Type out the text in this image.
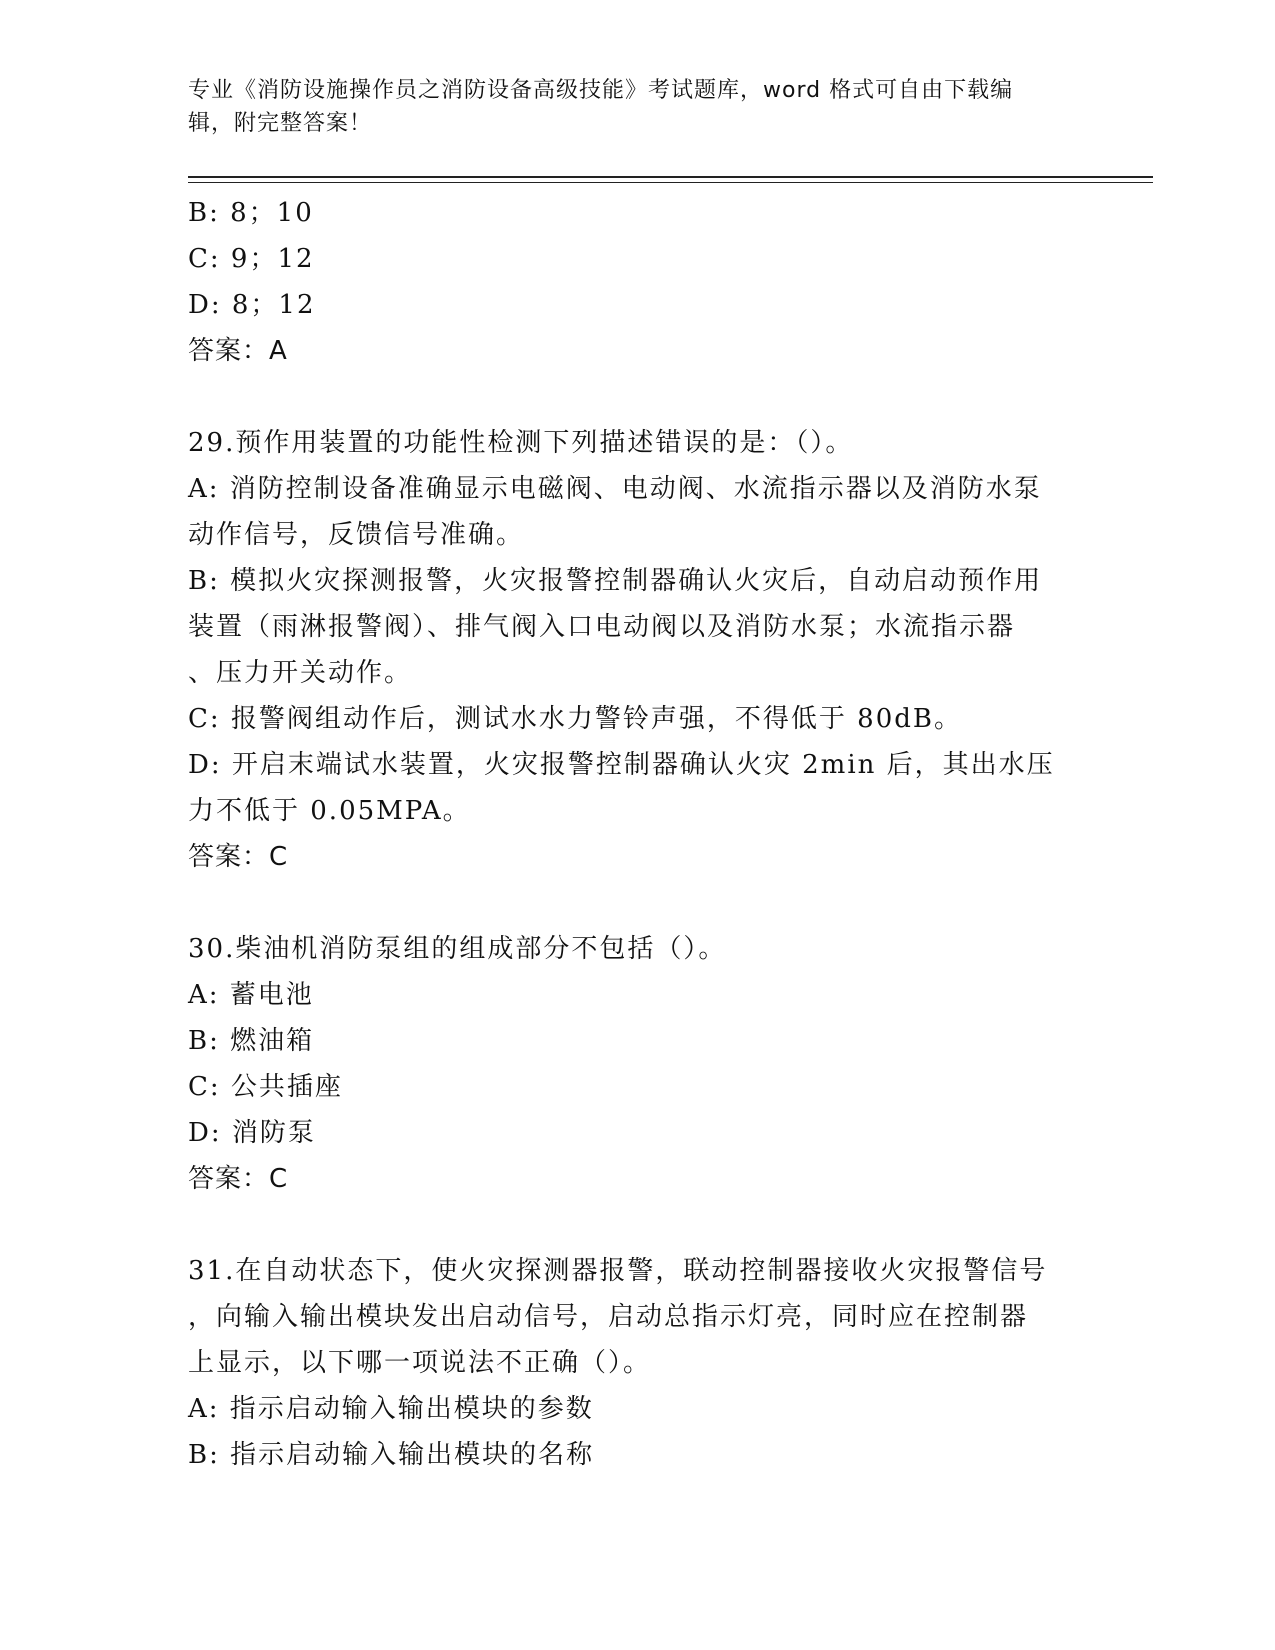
专业《消防设施操作员之消防设备高级技能》考试题库，word 格式可自由下载编
辑，附完整答案！
B: 8；10
C: 9；12
D: 8；12
答案：A
29.预作用装置的功能性检测下列描述错误的是：（）。
A: 消防控制设备准确显示电磁阀、电动阀、水流指示器以及消防水泵
动作信号，反馈信号准确。
B: 模拟火灾探测报警，火灾报警控制器确认火灾后，自动启动预作用
装置（雨淋报警阀）、排气阀入口电动阀以及消防水泵；水流指示器
、压力开关动作。
C: 报警阀组动作后，测试水水力警铃声强，不得低于 80dB。
D: 开启末端试水装置，火灾报警控制器确认火灾 2min 后，其出水压
力不低于 0.05MPA。
答案：C
30.柴油机消防泵组的组成部分不包括（）。
A: 蓄电池
B: 燃油箱
C: 公共插座
D: 消防泵
答案：C
31.在自动状态下，使火灾探测器报警，联动控制器接收火灾报警信号
，向输入输出模块发出启动信号，启动总指示灯亮，同时应在控制器
上显示，以下哪一项说法不正确（）。
A: 指示启动输入输出模块的参数
B: 指示启动输入输出模块的名称
